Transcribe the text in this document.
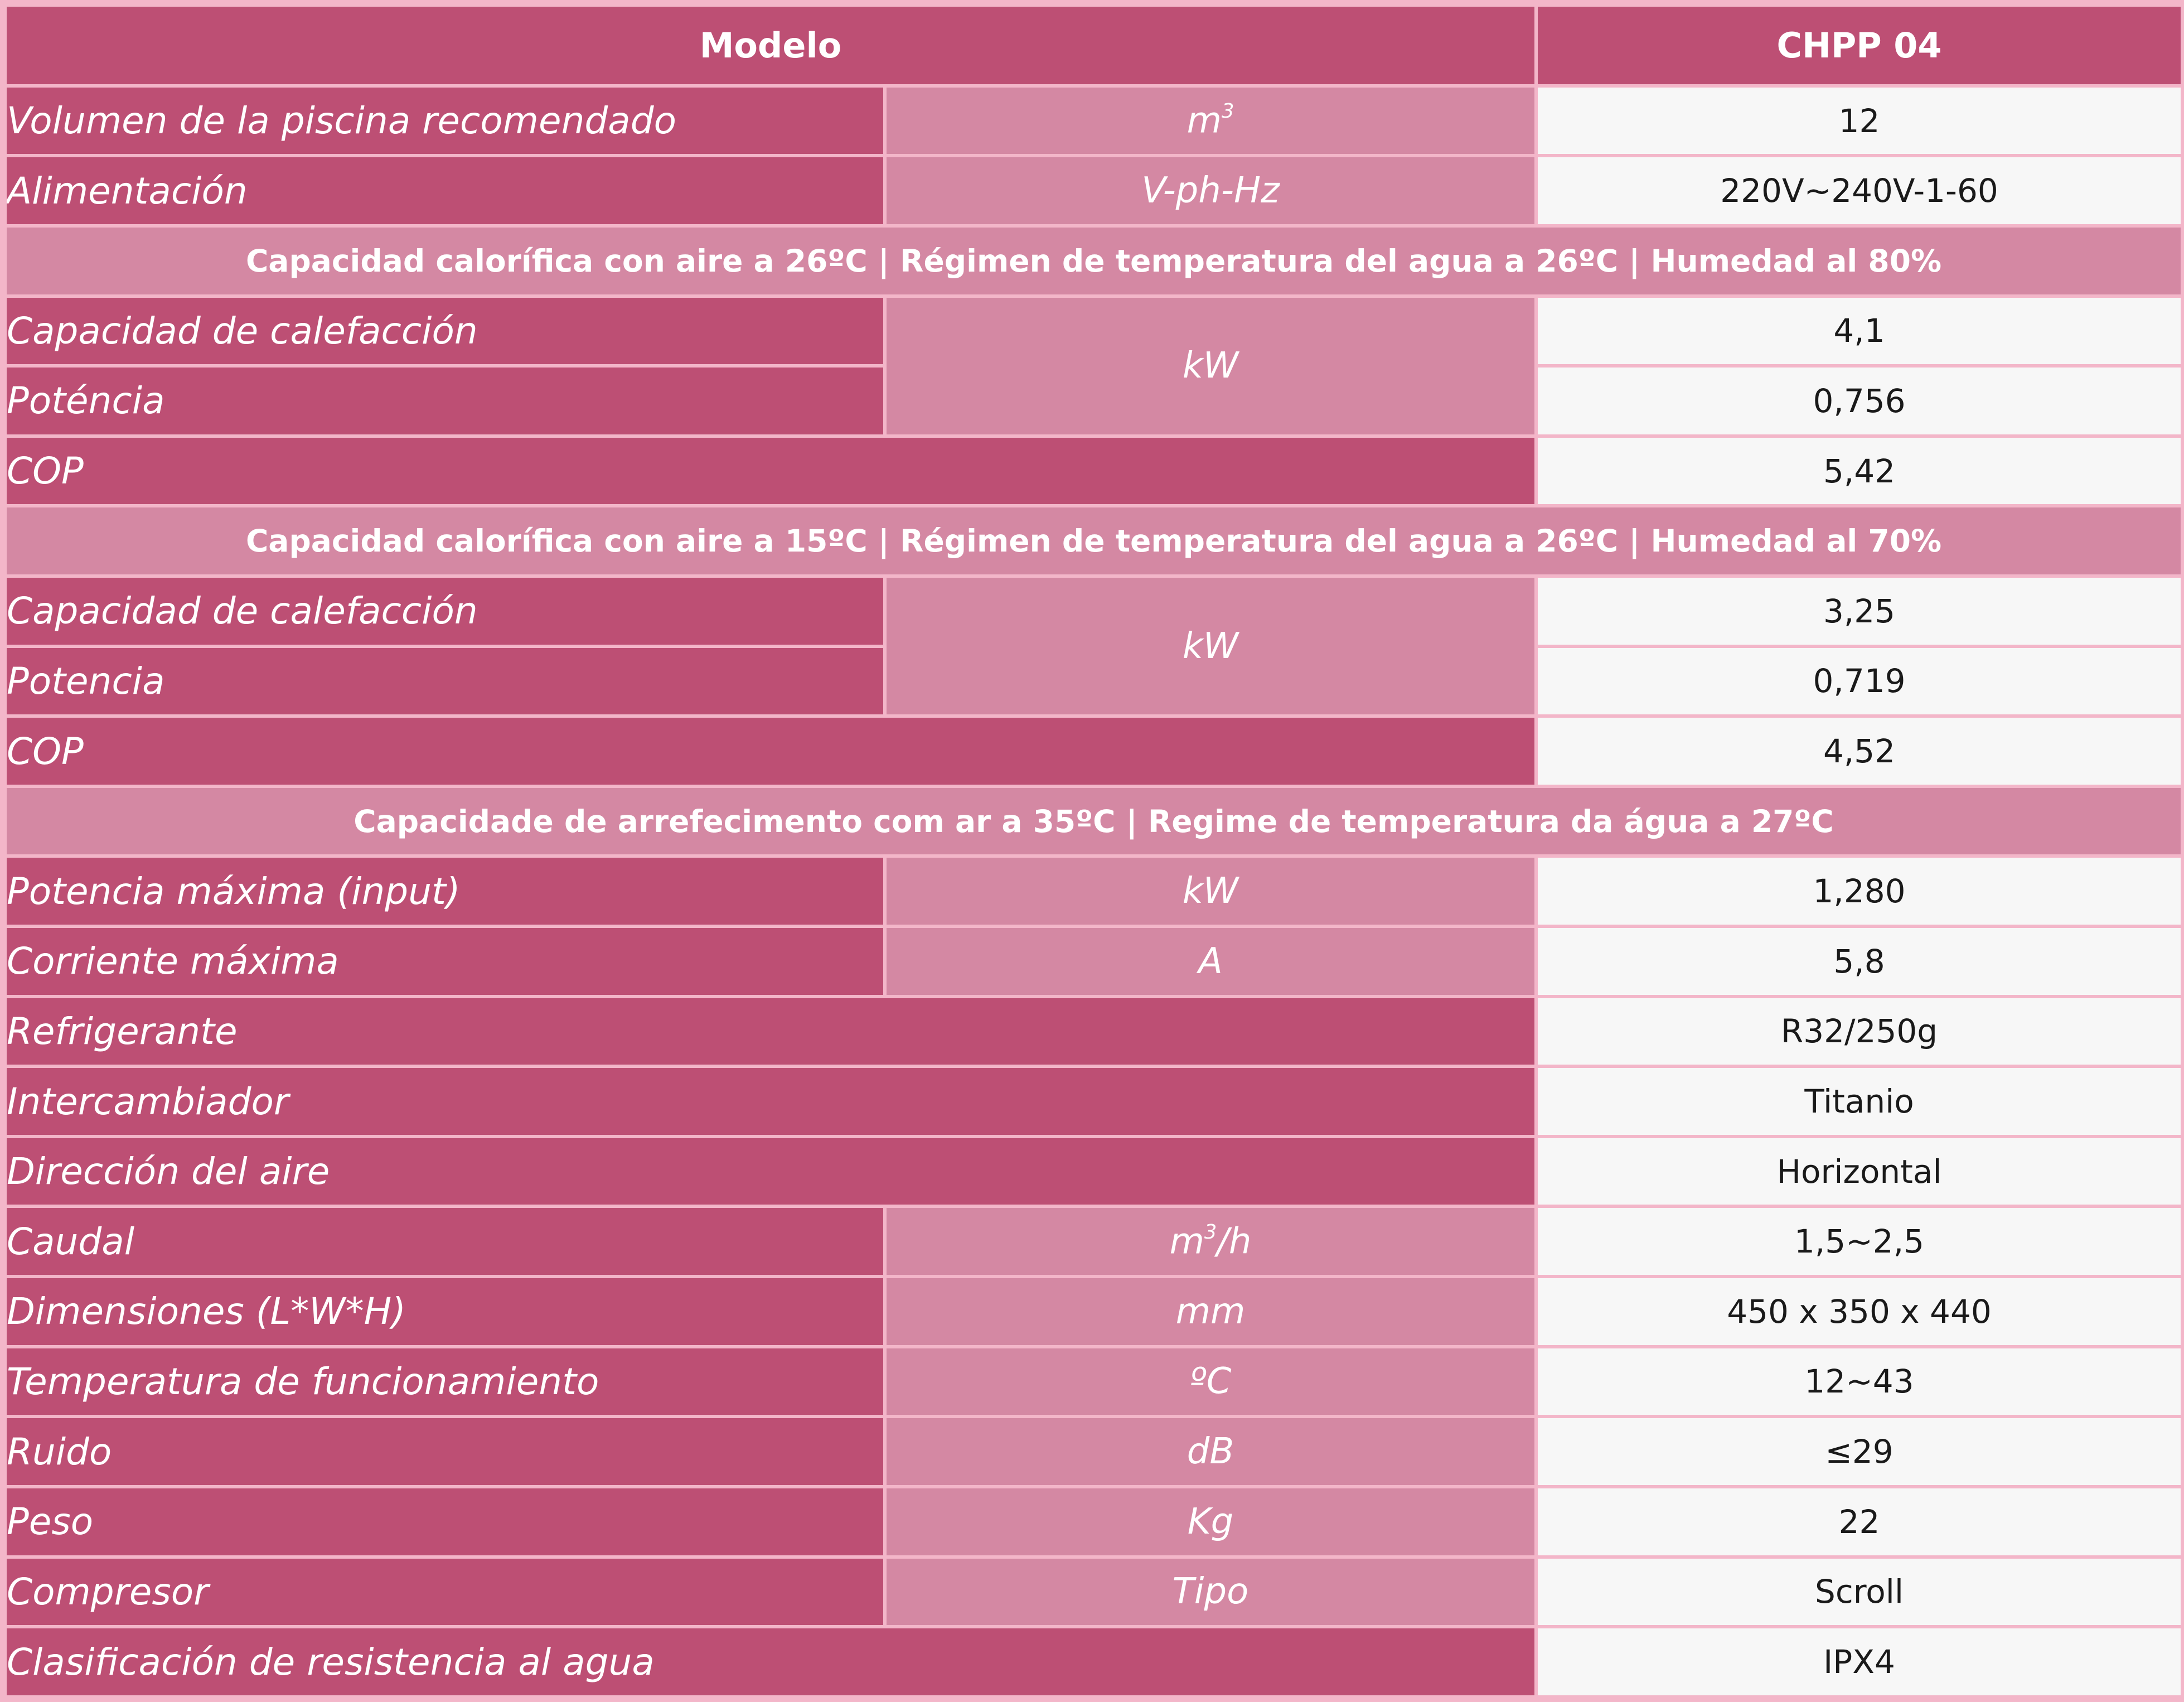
Modelo		CHPP 04
Volumen de la piscina recomendado	$m^3$	12
Alimentación	V-ph-Hz	220V~240V-1-60
Capacidad calorífica con aire a 26ºC | Régimen de temperatura del agua a 26ºC | Humedad al 80%		
Capacidad de calefacción	kW	4,1
Poténcia		0,756
COP		5,42
Capacidad calorífica con aire a 15ºC | Régimen de temperatura del agua a 26ºC | Humedad al 70%		
Capacidad de calefacción	kW	3,25
Potencia		0,719
COP		4,52
Capacidade de arrefecimento com ar a 35ºC | Regime de temperatura da água a 27ºC		
Potencia máxima (input)	kW	1,280
Corriente máxima	A	5,8
Refrigerante		R32/250g
Intercambiador		Titanio
Dirección del aire		Horizontal
Caudal	$m^3/h$	1,5~2,5
Dimensiones (L*W*H)	mm	450 x 350 x 440
Temperatura de funcionamiento	ºC	12~43
Ruido	dB	≤29
Peso	Kg	22
Compresor	Tipo	Scroll
Clasificación de resistencia al agua		IPX4
